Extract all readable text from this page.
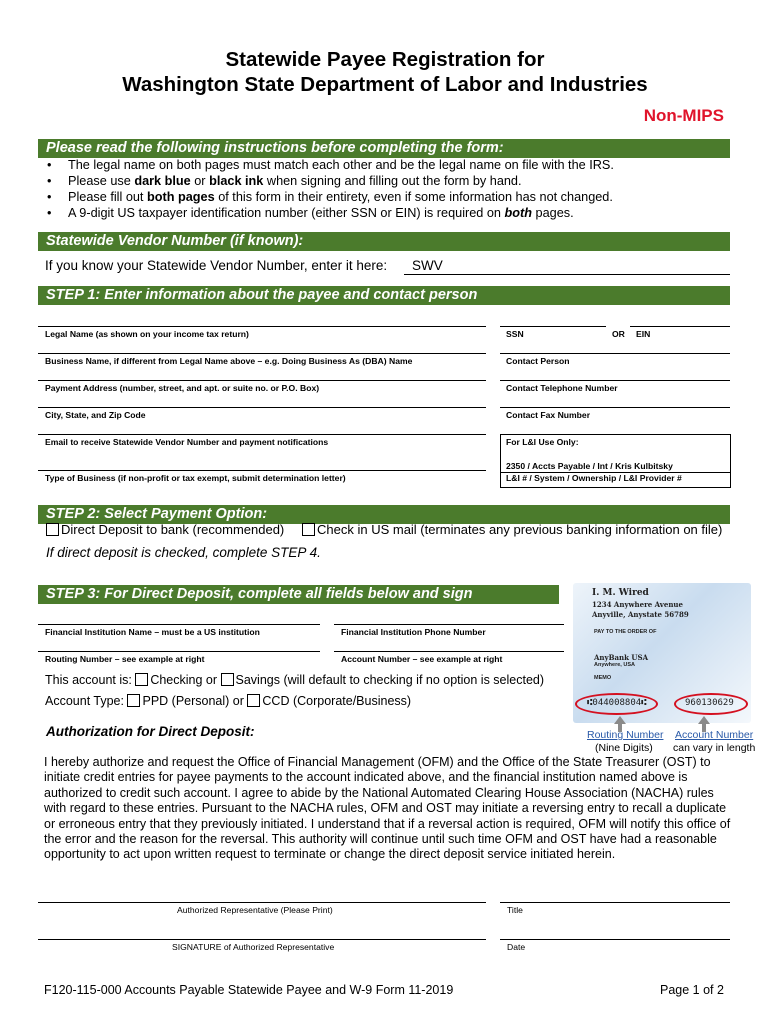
Statewide Payee Registration for
Washington State Department of Labor and Industries
Non-MIPS
Please read the following instructions before completing the form:
• The legal name on both pages must match each other and be the legal name on file with the IRS.
• Please use dark blue or black ink when signing and filling out the form by hand.
• Please fill out both pages of this form in their entirety, even if some information has not changed.
• A 9-digit US taxpayer identification number (either SSN or EIN) is required on both pages.
Statewide Vendor Number (if known):
If you know your Statewide Vendor Number, enter it here: SWV
STEP 1: Enter information about the payee and contact person
Legal Name (as shown on your income tax return)	SSN	OR EIN
Business Name, if different from Legal Name above – e.g. Doing Business As (DBA) Name	Contact Person
Payment Address (number, street, and apt. or suite no. or P.O. Box)	Contact Telephone Number
City, State, and Zip Code	Contact Fax Number
Email to receive Statewide Vendor Number and payment notifications	For L&I Use Only:
Type of Business (if non-profit or tax exempt, submit determination letter)
2350 / Accts Payable / Int / Kris Kulbitsky
L&I # / System / Ownership / L&I Provider #
STEP 2: Select Payment Option:
Direct Deposit to bank (recommended)	Check in US mail (terminates any previous banking information on file)
If direct deposit is checked, complete STEP 4.
STEP 3: For Direct Deposit, complete all fields below and sign
Financial Institution Name – must be a US institution	Financial Institution Phone Number
Routing Number – see example at right	Account Number – see example at right
This account is: Checking or Savings (will default to checking if no option is selected)
Account Type: PPD (Personal) or CCD (Corporate/Business)
Authorization for Direct Deposit:
I. M. Wired
1234 Anywhere Avenue
Anyville, Anystate 56789
PAY TO THE ORDER OF
AnyBank USA
Anywhere, USA
MEMO
⑆044008804⑆	960130629
Routing Number
(Nine Digits)
Account Number
can vary in length
I hereby authorize and request the Office of Financial Management (OFM) and the Office of the State Treasurer (OST) to initiate credit entries for payee payments to the account indicated above, and the financial institution named above is authorized to credit such account. I agree to abide by the National Automated Clearing House Association (NACHA) rules with regard to these entries. Pursuant to the NACHA rules, OFM and OST may initiate a reversing entry to recall a duplicate or erroneous entry that they previously initiated. I understand that if a reversal action is required, OFM will notify this office of the error and the reason for the reversal. This authority will continue until such time OFM and OST have had a reasonable opportunity to act upon written request to terminate or change the direct deposit service initiated herein.
Authorized Representative (Please Print)	Title
SIGNATURE of Authorized Representative	Date
F120-115-000 Accounts Payable Statewide Payee and W-9 Form 11-2019	Page 1 of 2
